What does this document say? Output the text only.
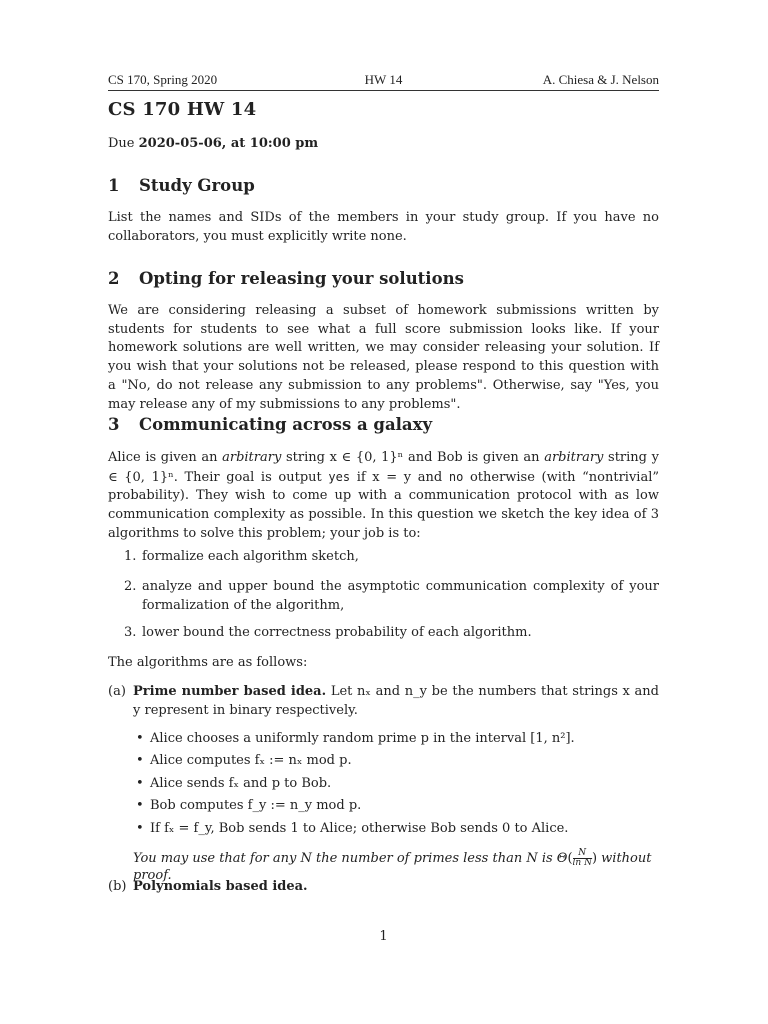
CS 170, Spring 2020	HW 14	A. Chiesa & J. Nelson
CS 170 HW 14
Due 2020-05-06, at 10:00 pm
1 Study Group
List the names and SIDs of the members in your study group. If you have no collaborators, you must explicitly write none.
2 Opting for releasing your solutions
We are considering releasing a subset of homework submissions written by students for students to see what a full score submission looks like. If your homework solutions are well written, we may consider releasing your solution. If you wish that your solutions not be released, please respond to this question with a "No, do not release any submission to any problems". Otherwise, say "Yes, you may release any of my submissions to any problems".
3 Communicating across a galaxy
Alice is given an arbitrary string x ∈ {0, 1}ⁿ and Bob is given an arbitrary string y ∈ {0, 1}ⁿ. Their goal is output yes if x = y and no otherwise (with “nontrivial” probability). They wish to come up with a communication protocol with as low communication complexity as possible. In this question we sketch the key idea of 3 algorithms to solve this problem; your job is to:
1. formalize each algorithm sketch,
2. analyze and upper bound the asymptotic communication complexity of your formalization of the algorithm,
3. lower bound the correctness probability of each algorithm.
The algorithms are as follows:
(a) Prime number based idea. Let nₓ and n_y be the numbers that strings x and y represent in binary respectively.
• Alice chooses a uniformly random prime p in the interval [1, n²].
• Alice computes fₓ := nₓ mod p.
• Alice sends fₓ and p to Bob.
• Bob computes f_y := n_y mod p.
• If fₓ = f_y, Bob sends 1 to Alice; otherwise Bob sends 0 to Alice.
You may use that for any N the number of primes less than N is $\Theta( \frac{N}{\text{ln N}}$ ) without proof.
(b) Polynomials based idea.
1
